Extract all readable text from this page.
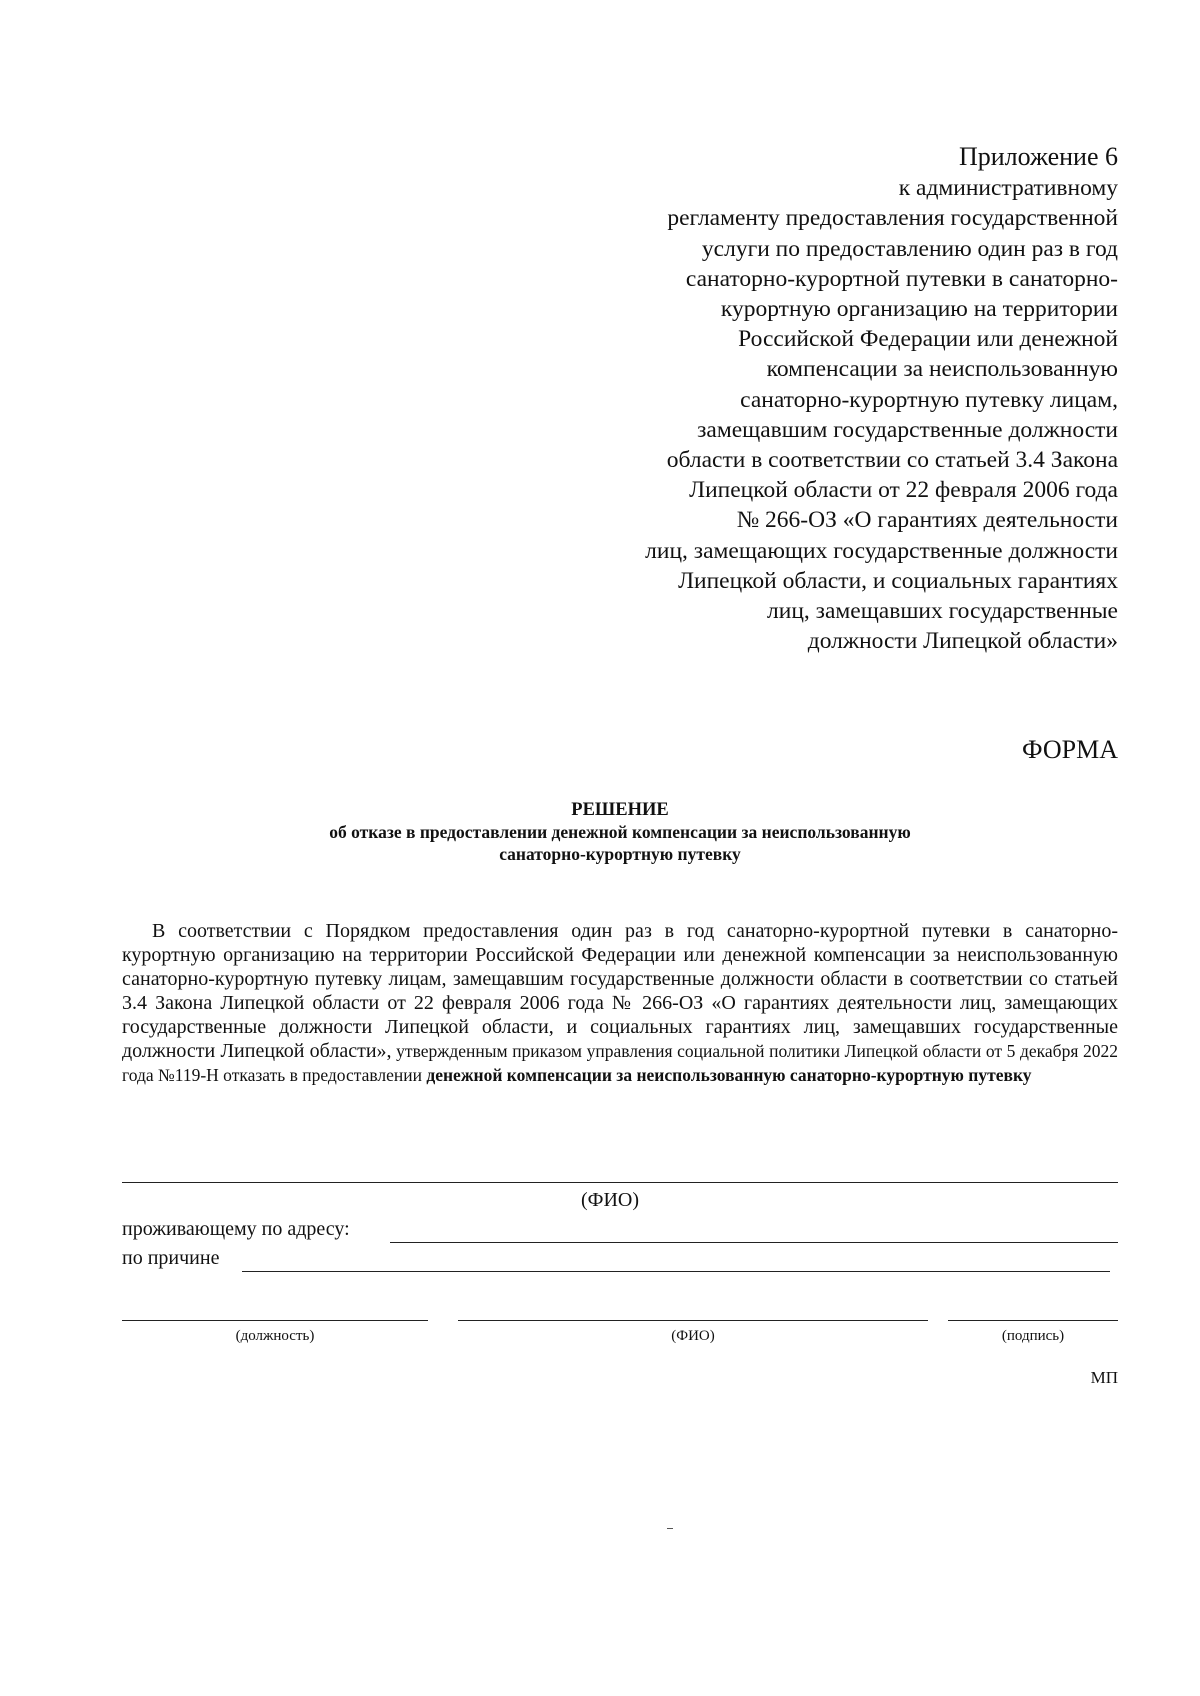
Приложение 6
к административному
регламенту предоставления государственной
услуги по предоставлению один раз в год
санаторно-курортной путевки в санаторно-
курортную организацию на территории
Российской Федерации или денежной
компенсации за неиспользованную
санаторно-курортную путевку лицам,
замещавшим государственные должности
области в соответствии со статьей 3.4 Закона
Липецкой области от 22 февраля 2006 года
№ 266-ОЗ «О гарантиях деятельности
лиц, замещающих государственные должности
Липецкой области, и социальных гарантиях
лиц, замещавших государственные
должности Липецкой области»
ФОРМА
РЕШЕНИЕ
об отказе в предоставлении денежной компенсации за неиспользованную
санаторно-курортную путевку
В соответствии с Порядком предоставления один раз в год санаторно-курортной путевки в санаторно-курортную организацию на территории Российской Федерации или денежной компенсации за неиспользованную санаторно-курортную путевку лицам, замещавшим государственные должности области в соответствии со статьей 3.4 Закона Липецкой области от 22 февраля 2006 года № 266-ОЗ «О гарантиях деятельности лиц, замещающих государственные должности Липецкой области, и социальных гарантиях лиц, замещавших государственные должности Липецкой области», утвержденным приказом управления социальной политики Липецкой области от 5 декабря 2022 года №119-Н отказать в предоставлении денежной компенсации за неиспользованную санаторно-курортную путевку
(ФИО)
проживающему по адресу:
по причине
(должность)	(ФИО)	(подпись)
МП
